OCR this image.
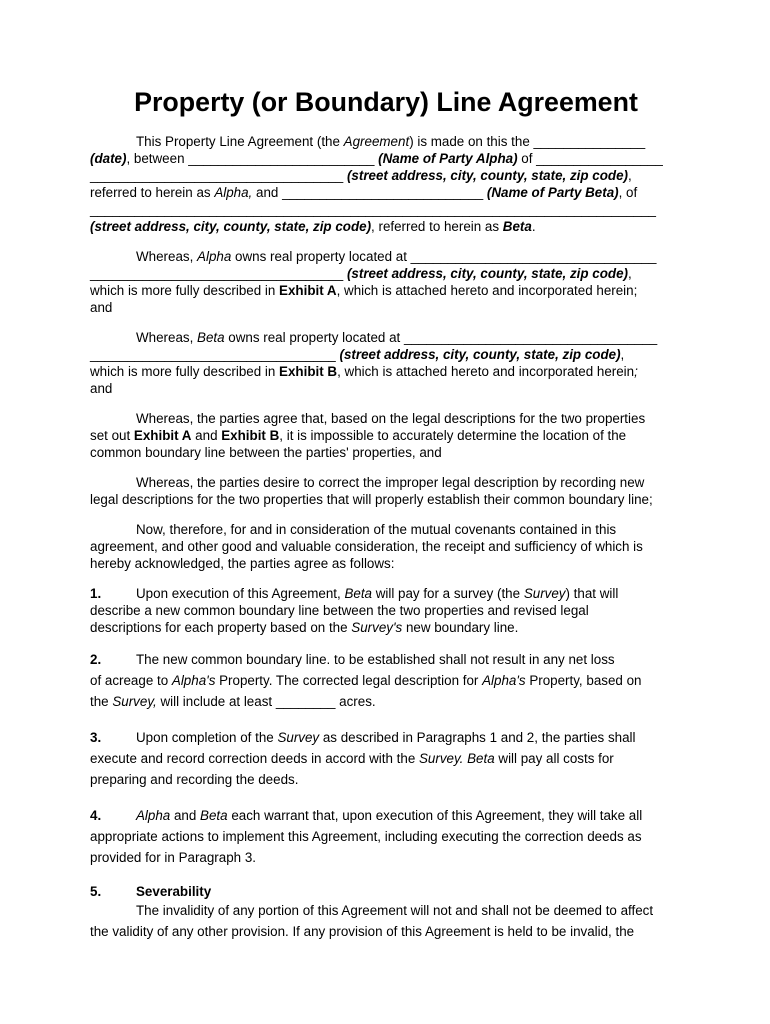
Property (or Boundary) Line Agreement

This Property Line Agreement (the Agreement) is made on this the _______________
(date), between _________________________ (Name of Party Alpha) of _________________
__________________________________ (street address, city, county, state, zip code),
referred to herein as Alpha, and ___________________________ (Name of Party Beta), of
____________________________________________________________________________
(street address, city, county, state, zip code), referred to herein as Beta.

Whereas, Alpha owns real property located at _________________________________
__________________________________ (street address, city, county, state, zip code),
which is more fully described in Exhibit A, which is attached hereto and incorporated herein;
and

Whereas, Beta owns real property located at __________________________________
_________________________________ (street address, city, county, state, zip code),
which is more fully described in Exhibit B, which is attached hereto and incorporated herein;
and

Whereas, the parties agree that, based on the legal descriptions for the two properties
set out Exhibit A and Exhibit B, it is impossible to accurately determine the location of the
common boundary line between the parties' properties, and

Whereas, the parties desire to correct the improper legal description by recording new
legal descriptions for the two properties that will properly establish their common boundary line;

Now, therefore, for and in consideration of the mutual covenants contained in this
agreement, and other good and valuable consideration, the receipt and sufficiency of which is
hereby acknowledged, the parties agree as follows:

1.	Upon execution of this Agreement, Beta will pay for a survey (the Survey) that will
describe a new common boundary line between the two properties and revised legal
descriptions for each property based on the Survey's new boundary line.

2.	The new common boundary line. to be established shall not result in any net loss
of acreage to Alpha's Property. The corrected legal description for Alpha's Property, based on
the Survey, will include at least ________ acres.

3.	Upon completion of the Survey as described in Paragraphs 1 and 2, the parties shall
execute and record correction deeds in accord with the Survey. Beta will pay all costs for
preparing and recording the deeds.

4.	Alpha and Beta each warrant that, upon execution of this Agreement, they will take all
appropriate actions to implement this Agreement, including executing the correction deeds as
provided for in Paragraph 3.

5.	Severability

The invalidity of any portion of this Agreement will not and shall not be deemed to affect
the validity of any other provision. If any provision of this Agreement is held to be invalid, the
